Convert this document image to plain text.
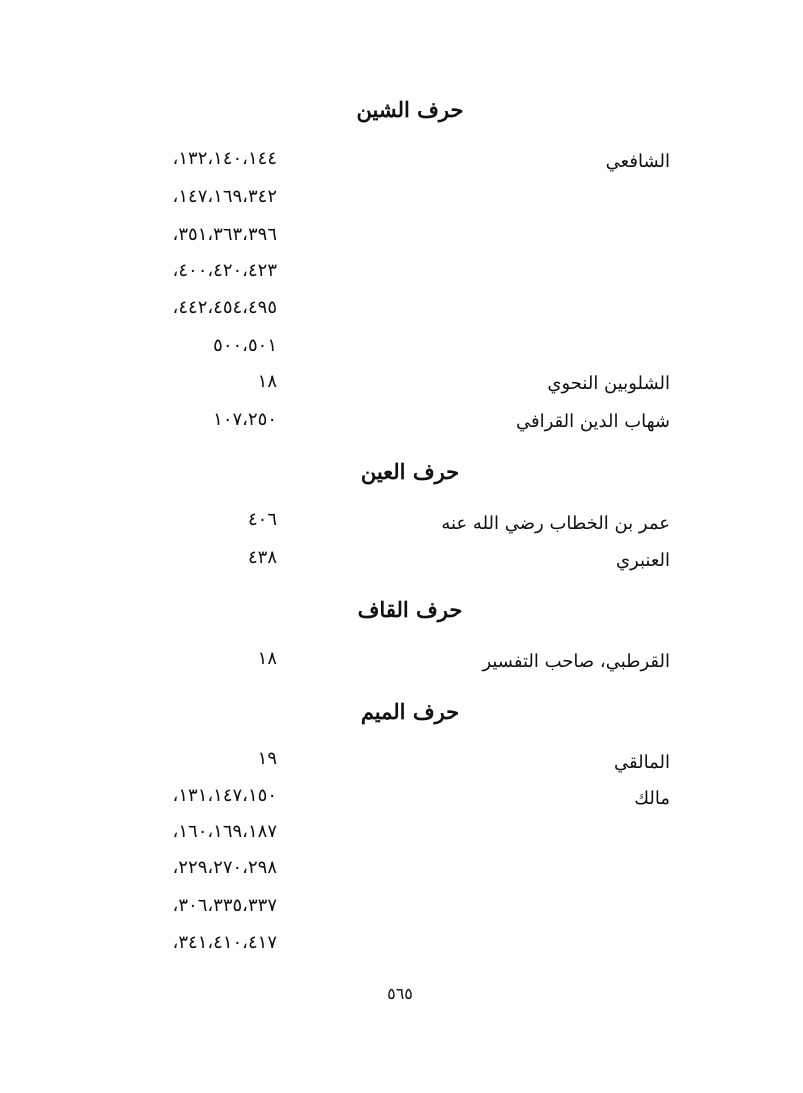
حرف الشين
الشافعي
١٣٢،١٤٠،١٤٤،
١٤٧،١٦٩،٣٤٢،
٣٥١،٣٦٣،٣٩٦،
٤٠٠،٤٢٠،٤٢٣،
٤٤٢،٤٥٤،٤٩٥،
٥٠٠،٥٠١
الشلوبين النحوي
١٨
شهاب الدين القرافي
١٠٧،٢٥٠
حرف العين
عمر بن الخطاب رضي الله عنه
٤٠٦
العنبري
٤٣٨
حرف القاف
القرطبي، صاحب التفسير
١٨
حرف الميم
المالقي
١٩
مالك
١٣١،١٤٧،١٥٠،
١٦٠،١٦٩،١٨٧،
٢٢٩،٢٧٠،٢٩٨،
٣٠٦،٣٣٥،٣٣٧،
٣٤١،٤١٠،٤١٧،
٥٦٥
